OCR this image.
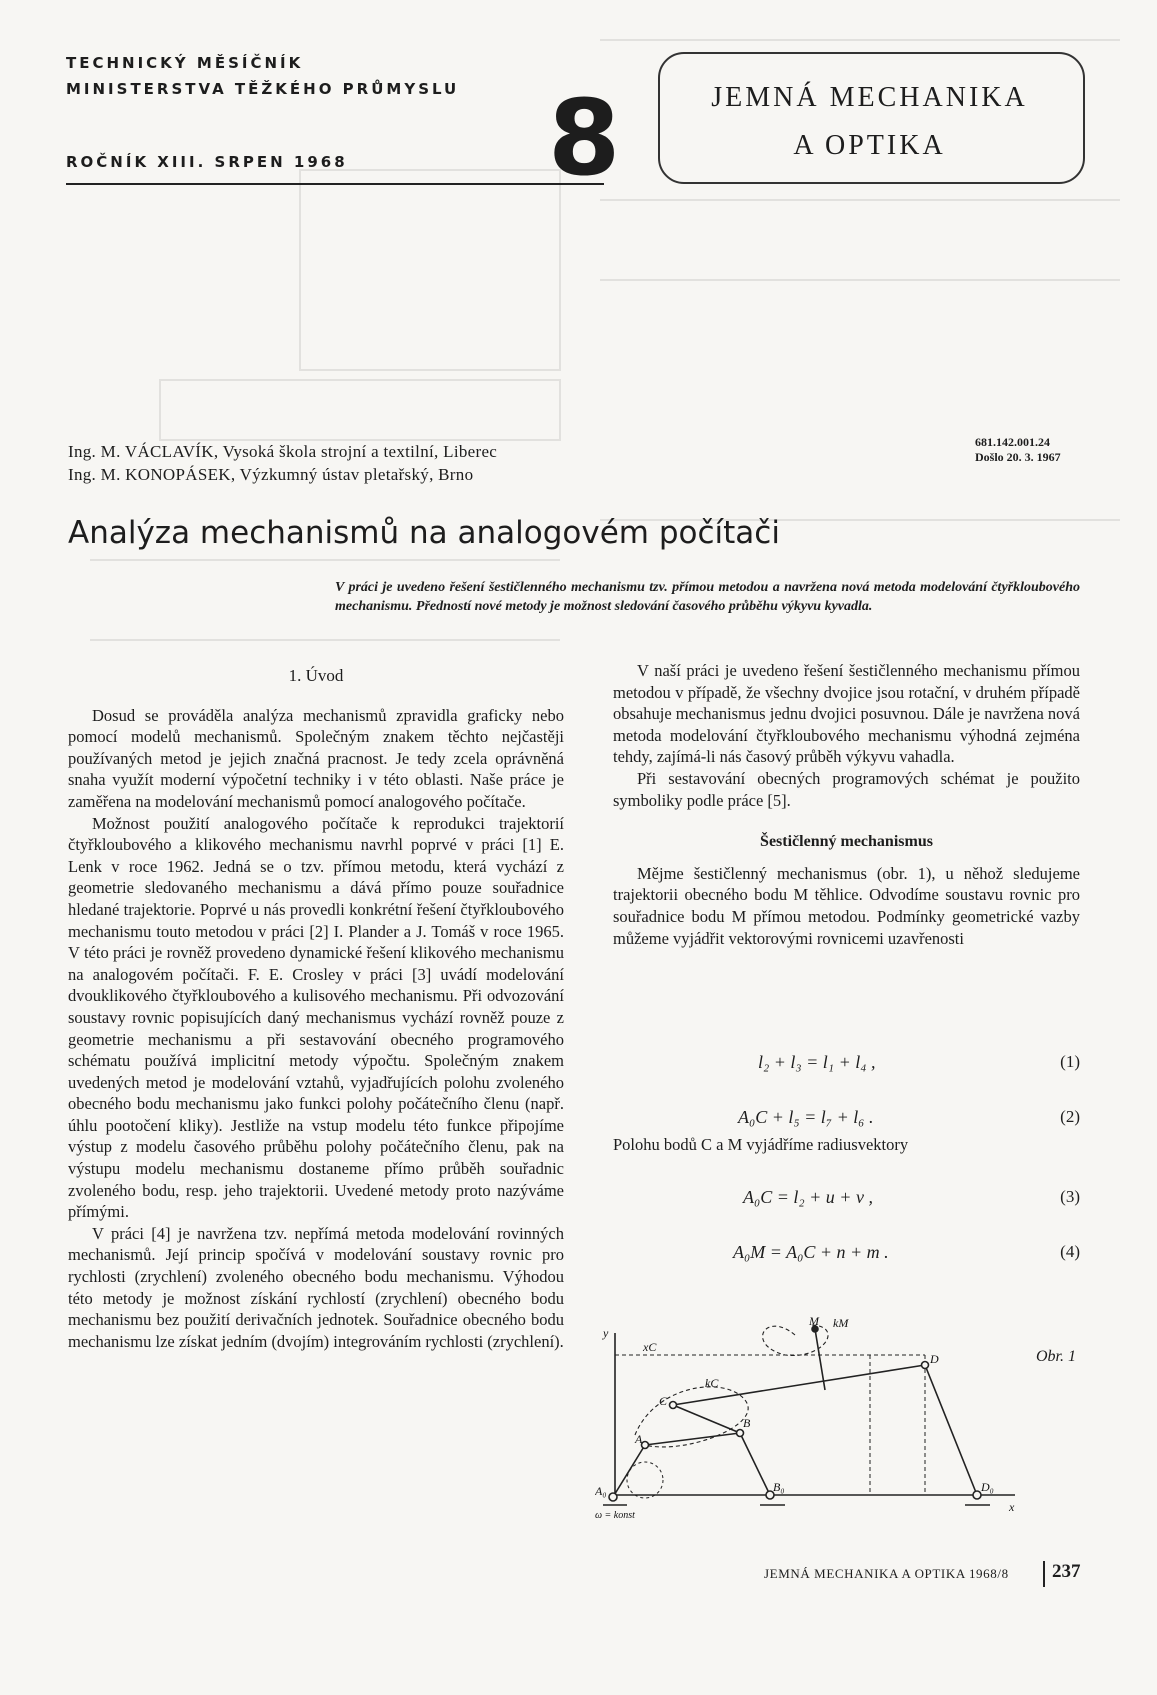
TECHNICKÝ MĚSÍČNÍK
MINISTERSTVA TĚŽKÉHO PRŮMYSLU
ROČNÍK XIII. SRPEN 1968 8	JEMNÁ MECHANIKA
A OPTIKA
Ing. M. VÁCLAVÍK, Vysoká škola strojní a textilní, Liberec
Ing. M. KONOPÁSEK, Výzkumný ústav pletařský, Brno
681.142.001.24
Došlo 20. 3. 1967
Analýza mechanismů na analogovém počítači
V práci je uvedeno řešení šestičlenného mechanismu tzv. přímou metodou a navržena nová metoda modelování čtyřkloubového mechanismu. Předností nové metody je možnost sledování časového průběhu výkyvu kyvadla.
1. Úvod

Dosud se prováděla analýza mechanismů zpravidla graficky nebo pomocí modelů mechanismů. Společným znakem těchto nejčastěji používaných metod je jejich značná pracnost. Je tedy zcela oprávněná snaha využít moderní výpočetní techniky i v této oblasti. Naše práce je zaměřena na modelování mechanismů pomocí analogového počítače.

Možnost použití analogového počítače k reprodukci trajektorií čtyřkloubového a klikového mechanismu navrhl poprvé v práci [1] E. Lenk v roce 1962. Jedná se o tzv. přímou metodu, která vychází z geometrie sledovaného mechanismu a dává přímo pouze souřadnice hledané trajektorie. Poprvé u nás provedli konkrétní řešení čtyřkloubového mechanismu touto metodou v práci [2] I. Plander a J. Tomáš v roce 1965. V této práci je rovněž provedeno dynamické řešení klikového mechanismu na analogovém počítači. F. E. Crosley v práci [3] uvádí modelování dvouklikového čtyřkloubového a kulisového mechanismu. Při odvozování soustavy rovnic popisujících daný mechanismus vychází rovněž pouze z geometrie mechanismu a při sestavování obecného programového schématu používá implicitní metody výpočtu. Společným znakem uvedených metod je modelování vztahů, vyjadřujících polohu zvoleného obecného bodu mechanismu jako funkci polohy počátečního členu (např. úhlu pootočení kliky). Jestliže na vstup modelu této funkce připojíme výstup z modelu časového průběhu polohy počátečního členu, pak na výstupu modelu mechanismu dostaneme přímo průběh souřadnic zvoleného bodu, resp. jeho trajektorii. Uvedené metody proto nazýváme přímými.

V práci [4] je navržena tzv. nepřímá metoda modelování rovinných mechanismů. Její princip spočívá v modelování soustavy rovnic pro rychlosti (zrychlení) zvoleného obecného bodu mechanismu. Výhodou této metody je možnost získání rychlostí (zrychlení) obecného bodu mechanismu bez použití derivačních jednotek. Souřadnice obecného bodu mechanismu lze získat jedním (dvojím) integrováním rychlosti (zrychlení).

V naší práci je uvedeno řešení šestičlenného mechanismu přímou metodou v případě, že všechny dvojice jsou rotační, v druhém případě obsahuje mechanismus jednu dvojici posuvnou. Dále je navržena nová metoda modelování čtyřkloubového mechanismu výhodná zejména tehdy, zajímá-li nás časový průběh výkyvu vahadla.

Při sestavování obecných programových schémat je použito symboliky podle práce [5].

Šestičlenný mechanismus

Mějme šestičlenný mechanismus (obr. 1), u něhož sledujeme trajektorii obecného bodu M těhlice. Odvodíme soustavu rovnic pro souřadnice bodu M přímou metodou. Podmínky geometrické vazby můžeme vyjádřit vektorovými rovnicemi uzavřenosti

l₂ + l₃ = l₁ + l₄ ,	(1)
A₀C + l₅ = l₇ + l₆ .	(2)
Polohu bodů C a M vyjádříme radiusvektory
A₀C = l₂ + u + v ,	(3)
A₀M = A₀C + n + m .	(4)
M kM
D
C
B
A
A₀	B₀	D₀
kC
xC
x
y
ω = konst
Obr. 1
JEMNÁ MECHANIKA A OPTIKA 1968/8 237
